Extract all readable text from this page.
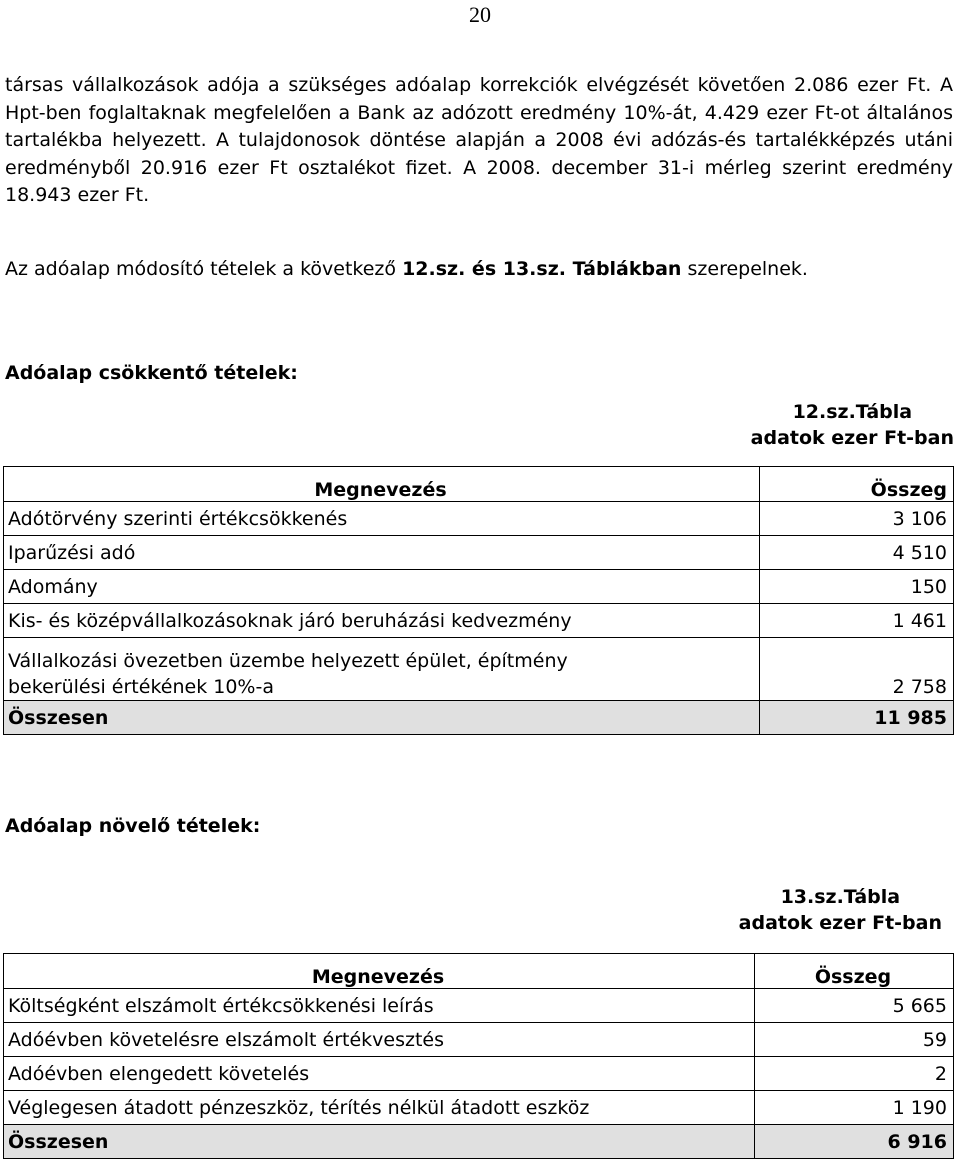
20
társas vállalkozások adója a szükséges adóalap korrekciók elvégzését követően 2.086 ezer Ft. A Hpt-ben foglaltaknak megfelelően a Bank az adózott eredmény 10%-át, 4.429 ezer Ft-ot általános tartalékba helyezett. A tulajdonosok döntése alapján a 2008 évi adózás-és tartalékképzés utáni eredményből 20.916 ezer Ft osztalékot fizet. A 2008. december 31-i mérleg szerint eredmény 18.943 ezer Ft.
Az adóalap módosító tételek a következő 12.sz. és 13.sz. Táblákban szerepelnek.
Adóalap csökkentő tételek:
12.sz.Tábla
adatok ezer Ft-ban
Megnevezés	Összeg
Adótörvény szerinti értékcsökkenés	3 106
Iparűzési adó	4 510
Adomány	150
Kis- és középvállalkozásoknak járó beruházási kedvezmény	1 461

Vállalkozási övezetben üzembe helyezett épület, építmény
bekerülési értékének 10%-a	2 758
Összesen	11 985
Adóalap növelő tételek:
13.sz.Tábla
adatok ezer Ft-ban
Megnevezés	Összeg
Költségként elszámolt értékcsökkenési leírás	5 665
Adóévben követelésre elszámolt értékvesztés	59
Adóévben elengedett követelés	2
Véglegesen átadott pénzeszköz, térítés nélkül átadott eszköz	1 190
Összesen	6 916
